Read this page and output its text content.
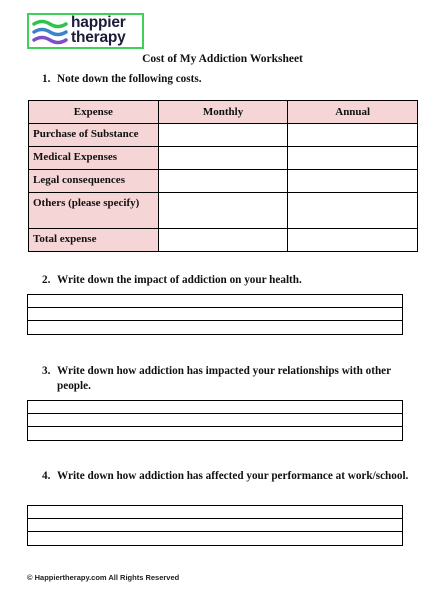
happier
therapy
Cost of My Addiction Worksheet
1. Note down the following costs.
Expense	Monthly	Annual
Purchase of Substance		
Medical Expenses		
Legal consequences		
Others (please specify)		
Total expense		
2. Write down the impact of addiction on your health.
3. Write down how addiction has impacted your relationships with other people.
4. Write down how addiction has affected your performance at work/school.
© Happiertherapy.com All Rights Reserved
